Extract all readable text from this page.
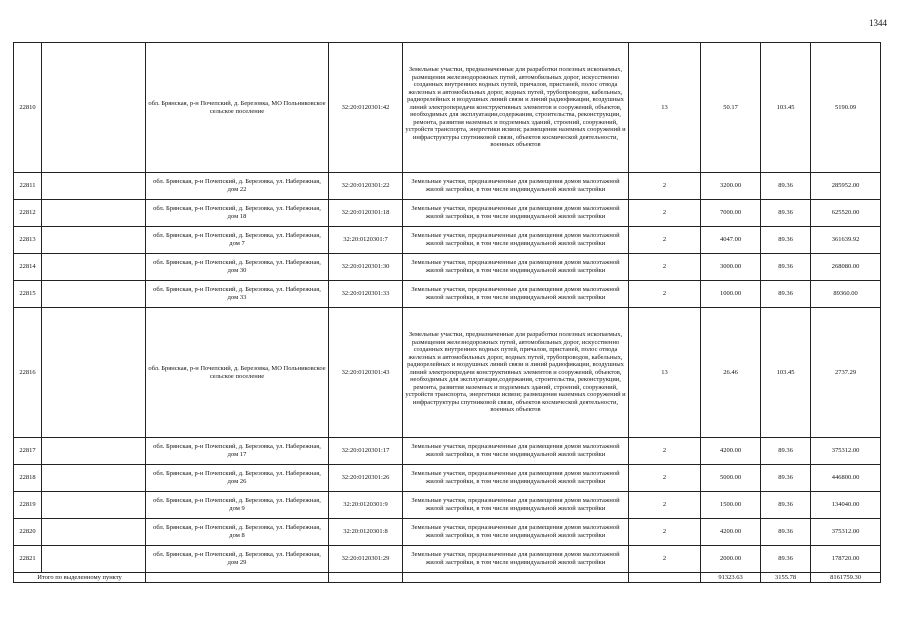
1344
22810		обл. Брянская, р-н Почепский, д. Березовка, МО Польниковское сельское поселение	32:20:0120301:42	Земельные участки, предназначенные для разработки полезных ископаемых, размещения железнодорожных путей, автомобильных дорог, искусственно созданных внутренних водных путей, причалов, пристаней, полос отвода железных и автомобильных дорог, водных путей, трубопроводов, кабельных, радиорелейных и воздушных линий связи и линий радиофикации, воздушных линий электропередачи конструктивных элементов и сооружений, объектов, необходимых для эксплуатации,содержания, строительства, реконструкции, ремонта, развития наземных и подземных зданий, строений, сооружений, устройств транспорта, энергетики исвязи; размещения наземных сооружений и инфраструктуры спутниковой связи, объектов космической деятельности, военных объектов	13	50.17	103.45	5190.09
22811		обл. Брянская, р-н Почепский, д. Березовка, ул. Набережная, дом 22	32:20:0120301:22	Земельные участки, предназначенные для размещения домов малоэтажной жилой застройки, в том числе индивидуальной жилой застройки	2	3200.00	89.36	285952.00
22812		обл. Брянская, р-н Почепский, д. Березовка, ул. Набережная, дом 18	32:20:0120301:18	Земельные участки, предназначенные для размещения домов малоэтажной жилой застройки, в том числе индивидуальной жилой застройки	2	7000.00	89.36	625520.00
22813		обл. Брянская, р-н Почепский, д. Березовка, ул. Набережная, дом 7	32:20:0120301:7	Земельные участки, предназначенные для размещения домов малоэтажной жилой застройки, в том числе индивидуальной жилой застройки	2	4047.00	89.36	361639.92
22814		обл. Брянская, р-н Почепский, д. Березовка, ул. Набережная, дом 30	32:20:0120301:30	Земельные участки, предназначенные для размещения домов малоэтажной жилой застройки, в том числе индивидуальной жилой застройки	2	3000.00	89.36	268080.00
22815		обл. Брянская, р-н Почепский, д. Березовка, ул. Набережная, дом 33	32:20:0120301:33	Земельные участки, предназначенные для размещения домов малоэтажной жилой застройки, в том числе индивидуальной жилой застройки	2	1000.00	89.36	89360.00
22816		обл. Брянская, р-н Почепский, д. Березовка, МО Польниковское сельское поселение	32:20:0120301:43	Земельные участки, предназначенные для разработки полезных ископаемых, размещения железнодорожных путей, автомобильных дорог, искусственно созданных внутренних водных путей, причалов, пристаней, полос отвода железных и автомобильных дорог, водных путей, трубопроводов, кабельных, радиорелейных и воздушных линий связи и линий радиофикации, воздушных линий электропередачи конструктивных элементов и сооружений, объектов, необходимых для эксплуатации,содержания, строительства, реконструкции, ремонта, развития наземных и подземных зданий, строений, сооружений, устройств транспорта, энергетики исвязи; размещения наземных сооружений и инфраструктуры спутниковой связи, объектов космической деятельности, военных объектов	13	26.46	103.45	2737.29
22817		обл. Брянская, р-н Почепский, д. Березовка, ул. Набережная, дом 17	32:20:0120301:17	Земельные участки, предназначенные для размещения домов малоэтажной жилой застройки, в том числе индивидуальной жилой застройки	2	4200.00	89.36	375312.00
22818		обл. Брянская, р-н Почепский, д. Березовка, ул. Набережная, дом 26	32:20:0120301:26	Земельные участки, предназначенные для размещения домов малоэтажной жилой застройки, в том числе индивидуальной жилой застройки	2	5000.00	89.36	446800.00
22819		обл. Брянская, р-н Почепский, д. Березовка, ул. Набережная, дом 9	32:20:0120301:9	Земельные участки, предназначенные для размещения домов малоэтажной жилой застройки, в том числе индивидуальной жилой застройки	2	1500.00	89.36	134040.00
22820		обл. Брянская, р-н Почепский, д. Березовка, ул. Набережная, дом 8	32:20:0120301:8	Земельные участки, предназначенные для размещения домов малоэтажной жилой застройки, в том числе индивидуальной жилой застройки	2	4200.00	89.36	375312.00
22821		обл. Брянская, р-н Почепский, д. Березовка, ул. Набережная, дом 29	32:20:0120301:29	Земельные участки, предназначенные для размещения домов малоэтажной жилой застройки, в том числе индивидуальной жилой застройки	2	2000.00	89.36	178720.00
Итого по выделенному пункту						91323.63	3155.78	8161759.30
